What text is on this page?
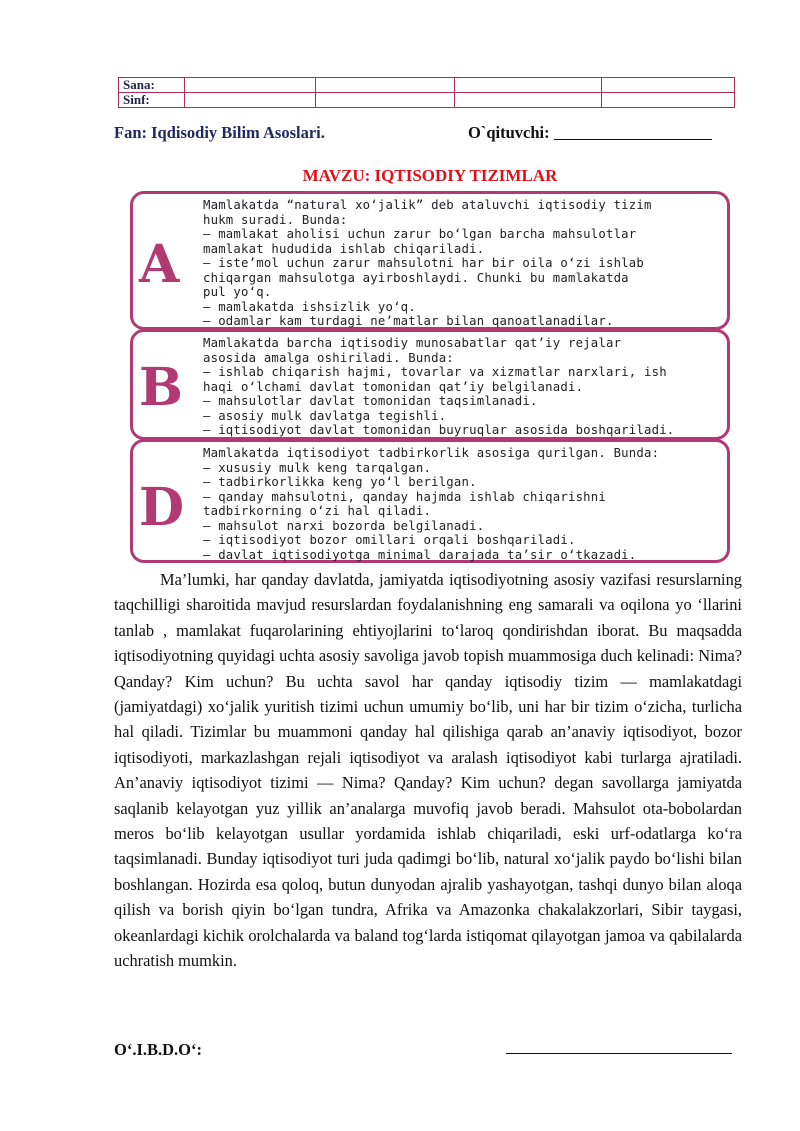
Sana:				
Sinf:				
Fan: Iqdisodiy Bilim Asoslari.	O`qituvchi:
MAVZU: IQTISODIY TIZIMLAR
A
Mamlakatda “natural xo‘jalik” deb ataluvchi iqtisodiy tizim
hukm suradi. Bunda:
— mamlakat aholisi uchun zarur bo‘lgan barcha mahsulotlar
mamlakat hududida ishlab chiqariladi.
— iste’mol uchun zarur mahsulotni har bir oila o‘zi ishlab
chiqargan mahsulotga ayirboshlaydi. Chunki bu mamlakatda
pul yo‘q.
— mamlakatda ishsizlik yo‘q.
— odamlar kam turdagi ne’matlar bilan qanoatlanadilar.
B
Mamlakatda barcha iqtisodiy munosabatlar qat’iy rejalar
asosida amalga oshiriladi. Bunda:
— ishlab chiqarish hajmi, tovarlar va xizmatlar narxlari, ish
haqi o‘lchami davlat tomonidan qat’iy belgilanadi.
— mahsulotlar davlat tomonidan taqsimlanadi.
— asosiy mulk davlatga tegishli.
— iqtisodiyot davlat tomonidan buyruqlar asosida boshqariladi.
D
Mamlakatda iqtisodiyot tadbirkorlik asosiga qurilgan. Bunda:
— xususiy mulk keng tarqalgan.
— tadbirkorlikka keng yo‘l berilgan.
— qanday mahsulotni, qanday hajmda ishlab chiqarishni
tadbirkorning o‘zi hal qiladi.
— mahsulot narxi bozorda belgilanadi.
— iqtisodiyot bozor omillari orqali boshqariladi.
— davlat iqtisodiyotga minimal darajada ta’sir o‘tkazadi.
Ma’lumki, har qanday davlatda, jamiyatda iqtisodiyotning asosiy vazifasi resurslarning taqchilligi sharoitida mavjud resurslardan foydalanishning eng samarali va oqilona yo ‘llarini tanlab , mamlakat fuqarolarining ehtiyojlarini to‘laroq qondirishdan iborat. Bu maqsadda iqtisodiyotning quyidagi uchta asosiy savoliga javob topish muammosiga duch kelinadi: Nima? Qanday? Kim uchun? Bu uchta savol har qanday iqtisodiy tizim — mamlakatdagi (jamiyatdagi) xo‘jalik yuritish tizimi uchun umumiy bo‘lib, uni har bir tizim o‘zicha, turlicha hal qiladi. Tizimlar bu muammoni qanday hal qilishiga qarab an’anaviy iqtisodiyot, bozor iqtisodiyoti, markazlashgan rejali iqtisodiyot va aralash iqtisodiyot kabi turlarga ajratiladi. An’anaviy iqtisodiyot tizimi — Nima? Qanday? Kim uchun? degan savollarga jamiyatda saqlanib kelayotgan yuz yillik an’analarga muvofiq javob beradi. Mahsulot ota-bobolardan meros bo‘lib kelayotgan usullar yordamida ishlab chiqariladi, eski urf-odatlarga ko‘ra taqsimlanadi. Bunday iqtisodiyot turi juda qadimgi bo‘lib, natural xo‘jalik paydo bo‘lishi bilan boshlangan. Hozirda esa qoloq, butun dunyodan ajralib yashayotgan, tashqi dunyo bilan aloqa qilish va borish qiyin bo‘lgan tundra, Afrika va Amazonka chakalakzorlari, Sibir taygasi, okeanlardagi kichik orolchalarda va baland tog‘larda istiqomat qilayotgan jamoa va qabilalarda uchratish mumkin.
O‘.I.B.D.O‘:
